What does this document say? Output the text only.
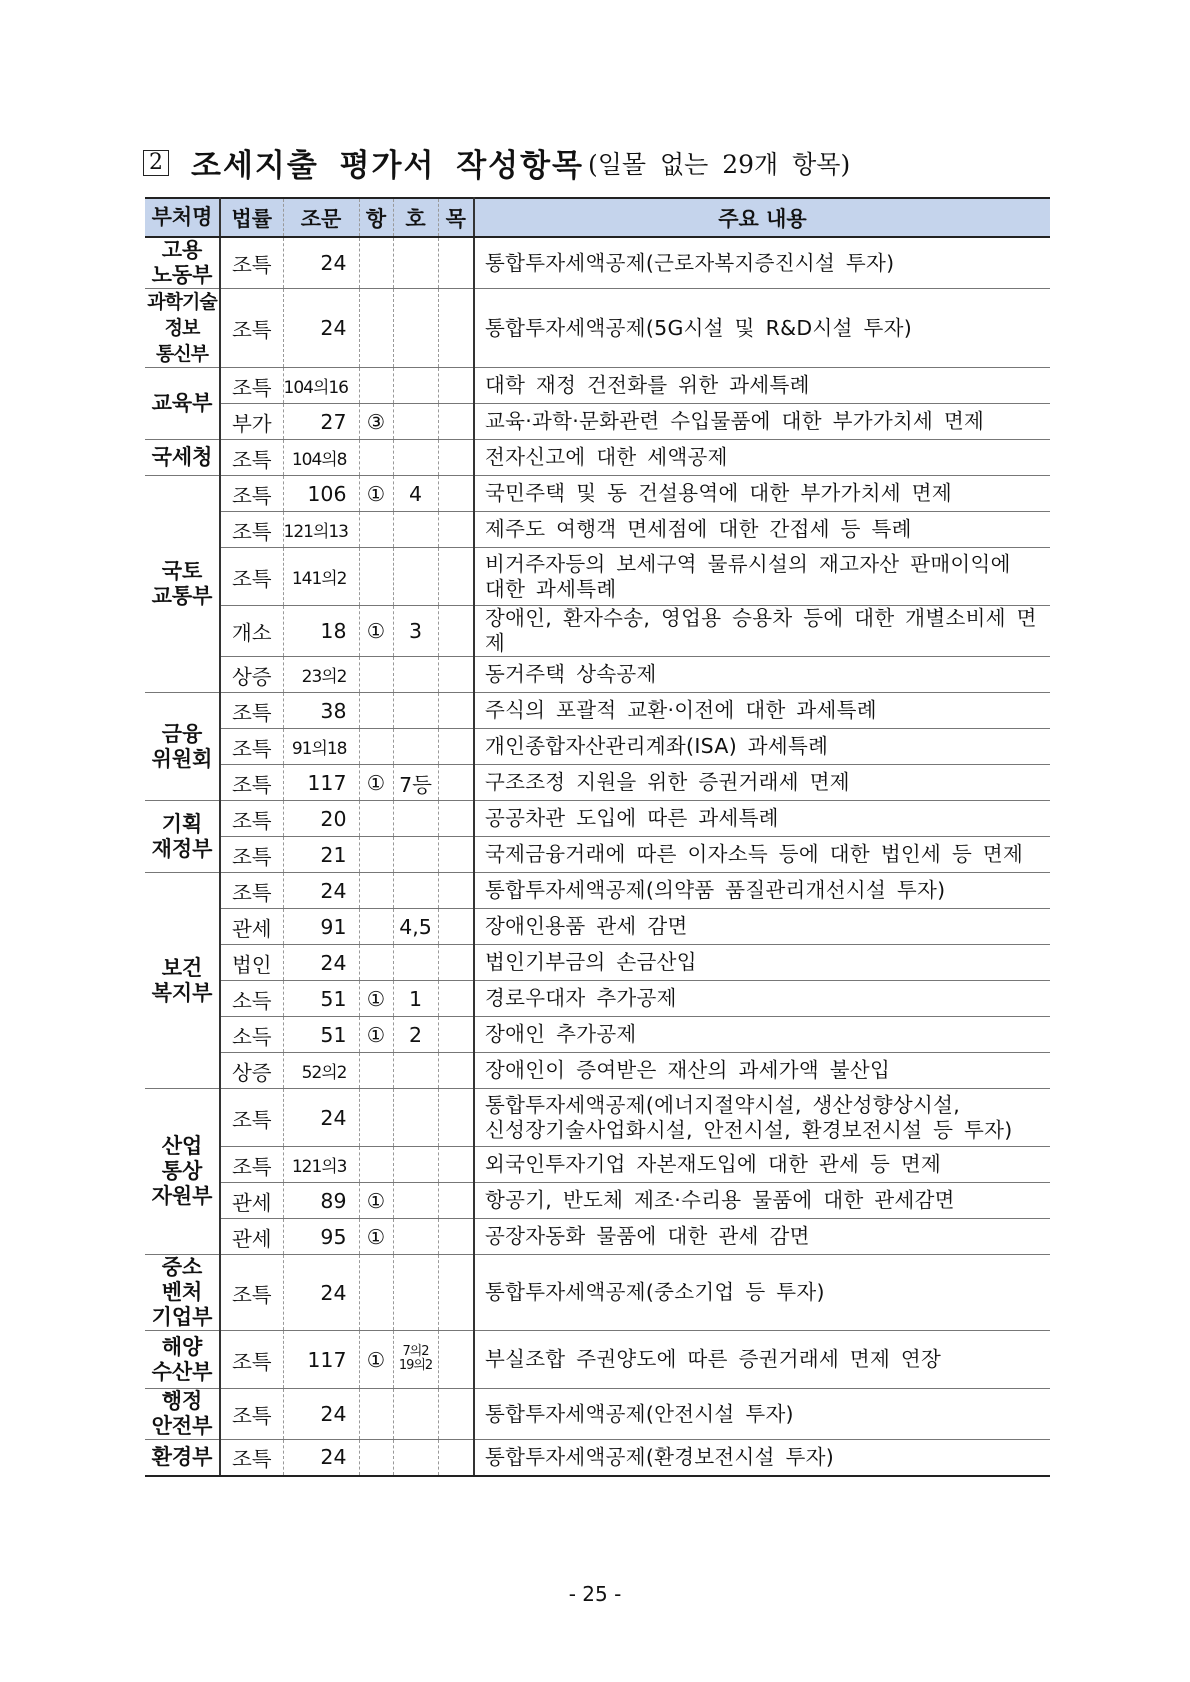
2 조세지출 평가서 작성항목 (일몰 없는 29개 항목)
부처명	법률	조문	항	호	목	주요 내용
고용
노동부	조특	24				통합투자세액공제(근로자복지증진시설 투자)
과학기술
정보
통신부	조특	24				통합투자세액공제(5G시설 및 R&D시설 투자)
교육부	조특	104의16				대학 재정 건전화를 위한 과세특례
	부가	27	③			교육·과학·문화관련 수입물품에 대한 부가가치세 면제
국세청	조특	104의8				전자신고에 대한 세액공제
국토
교통부	조특	106	①	4		국민주택 및 동 건설용역에 대한 부가가치세 면제
	조특	121의13				제주도 여행객 면세점에 대한 간접세 등 특례
	조특	141의2				비거주자등의 보세구역 물류시설의 재고자산 판매이익에
대한 과세특례
	개소	18	①	3		장애인, 환자수송, 영업용 승용차 등에 대한 개별소비세 면제
	상증	23의2				동거주택 상속공제
금융
위원회	조특	38				주식의 포괄적 교환·이전에 대한 과세특례
	조특	91의18				개인종합자산관리계좌(ISA) 과세특례
	조특	117	①	7등		구조조정 지원을 위한 증권거래세 면제
기획
재정부	조특	20				공공차관 도입에 따른 과세특례
	조특	21				국제금융거래에 따른 이자소득 등에 대한 법인세 등 면제
보건
복지부	조특	24				통합투자세액공제(의약품 품질관리개선시설 투자)
	관세	91		4,5		장애인용품 관세 감면
	법인	24				법인기부금의 손금산입
	소득	51	①	1		경로우대자 추가공제
	소득	51	①	2		장애인 추가공제
	상증	52의2				장애인이 증여받은 재산의 과세가액 불산입
산업
통상
자원부	조특	24				통합투자세액공제(에너지절약시설, 생산성향상시설,
신성장기술사업화시설, 안전시설, 환경보전시설 등 투자)
	조특	121의3				외국인투자기업 자본재도입에 대한 관세 등 면제
	관세	89	①			항공기, 반도체 제조·수리용 물품에 대한 관세감면
	관세	95	①			공장자동화 물품에 대한 관세 감면
중소
벤처
기업부	조특	24				통합투자세액공제(중소기업 등 투자)
해양
수산부	조특	117	①	7의2
19의2		부실조합 주권양도에 따른 증권거래세 면제 연장
행정
안전부	조특	24				통합투자세액공제(안전시설 투자)
환경부	조특	24				통합투자세액공제(환경보전시설 투자)
- 25 -
